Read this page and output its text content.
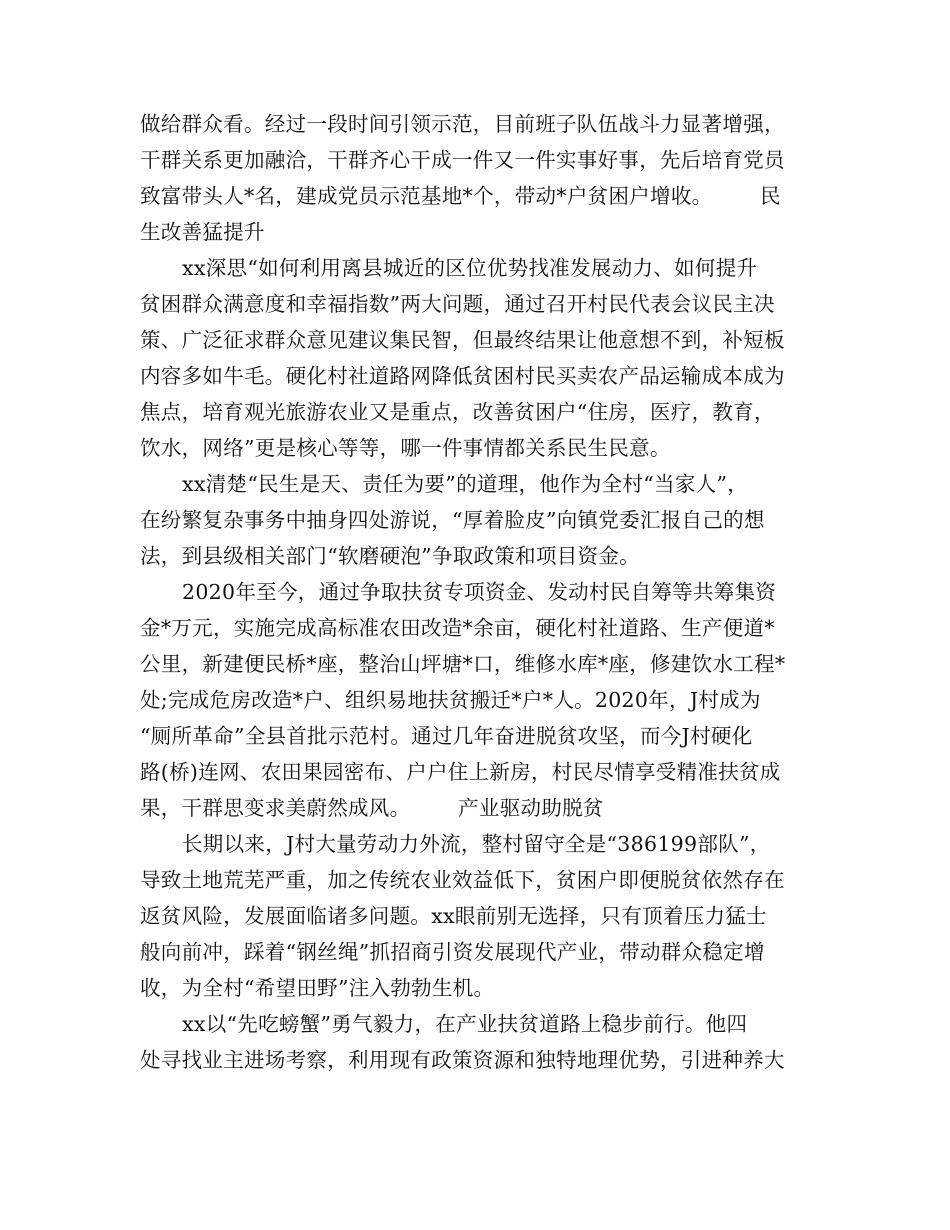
做给群众看。经过一段时间引领示范，目前班子队伍战斗力显著增强，
干群关系更加融洽，干群齐心干成一件又一件实事好事，先后培育党员
致富带头人*名，建成党员示范基地*个，带动*户贫困户增收。       民
生改善猛提升
xx深思“如何利用离县城近的区位优势找准发展动力、如何提升
贫困群众满意度和幸福指数”两大问题，通过召开村民代表会议民主决
策、广泛征求群众意见建议集民智，但最终结果让他意想不到，补短板
内容多如牛毛。硬化村社道路网降低贫困村民买卖农产品运输成本成为
焦点，培育观光旅游农业又是重点，改善贫困户“住房，医疗，教育，
饮水，网络”更是核心等等，哪一件事情都关系民生民意。
xx清楚“民生是天、责任为要”的道理，他作为全村“当家人”，
在纷繁复杂事务中抽身四处游说，“厚着脸皮”向镇党委汇报自己的想
法，到县级相关部门“软磨硬泡”争取政策和项目资金。
2020年至今，通过争取扶贫专项资金、发动村民自筹等共筹集资
金*万元，实施完成高标准农田改造*余亩，硬化村社道路、生产便道*
公里，新建便民桥*座，整治山坪塘*口，维修水库*座，修建饮水工程*
处;完成危房改造*户、组织易地扶贫搬迁*户*人。2020年，J村成为
“厕所革命”全县首批示范村。通过几年奋进脱贫攻坚，而今J村硬化
路(桥)连网、农田果园密布、户户住上新房，村民尽情享受精准扶贫成
果，干群思变求美蔚然成风。       产业驱动助脱贫
长期以来，J村大量劳动力外流，整村留守全是“386199部队”，
导致土地荒芜严重，加之传统农业效益低下，贫困户即便脱贫依然存在
返贫风险，发展面临诸多问题。xx眼前别无选择，只有顶着压力猛士
般向前冲，踩着“钢丝绳”抓招商引资发展现代产业，带动群众稳定增
收，为全村“希望田野”注入勃勃生机。
xx以“先吃螃蟹”勇气毅力，在产业扶贫道路上稳步前行。他四
处寻找业主进场考察，利用现有政策资源和独特地理优势，引进种养大
